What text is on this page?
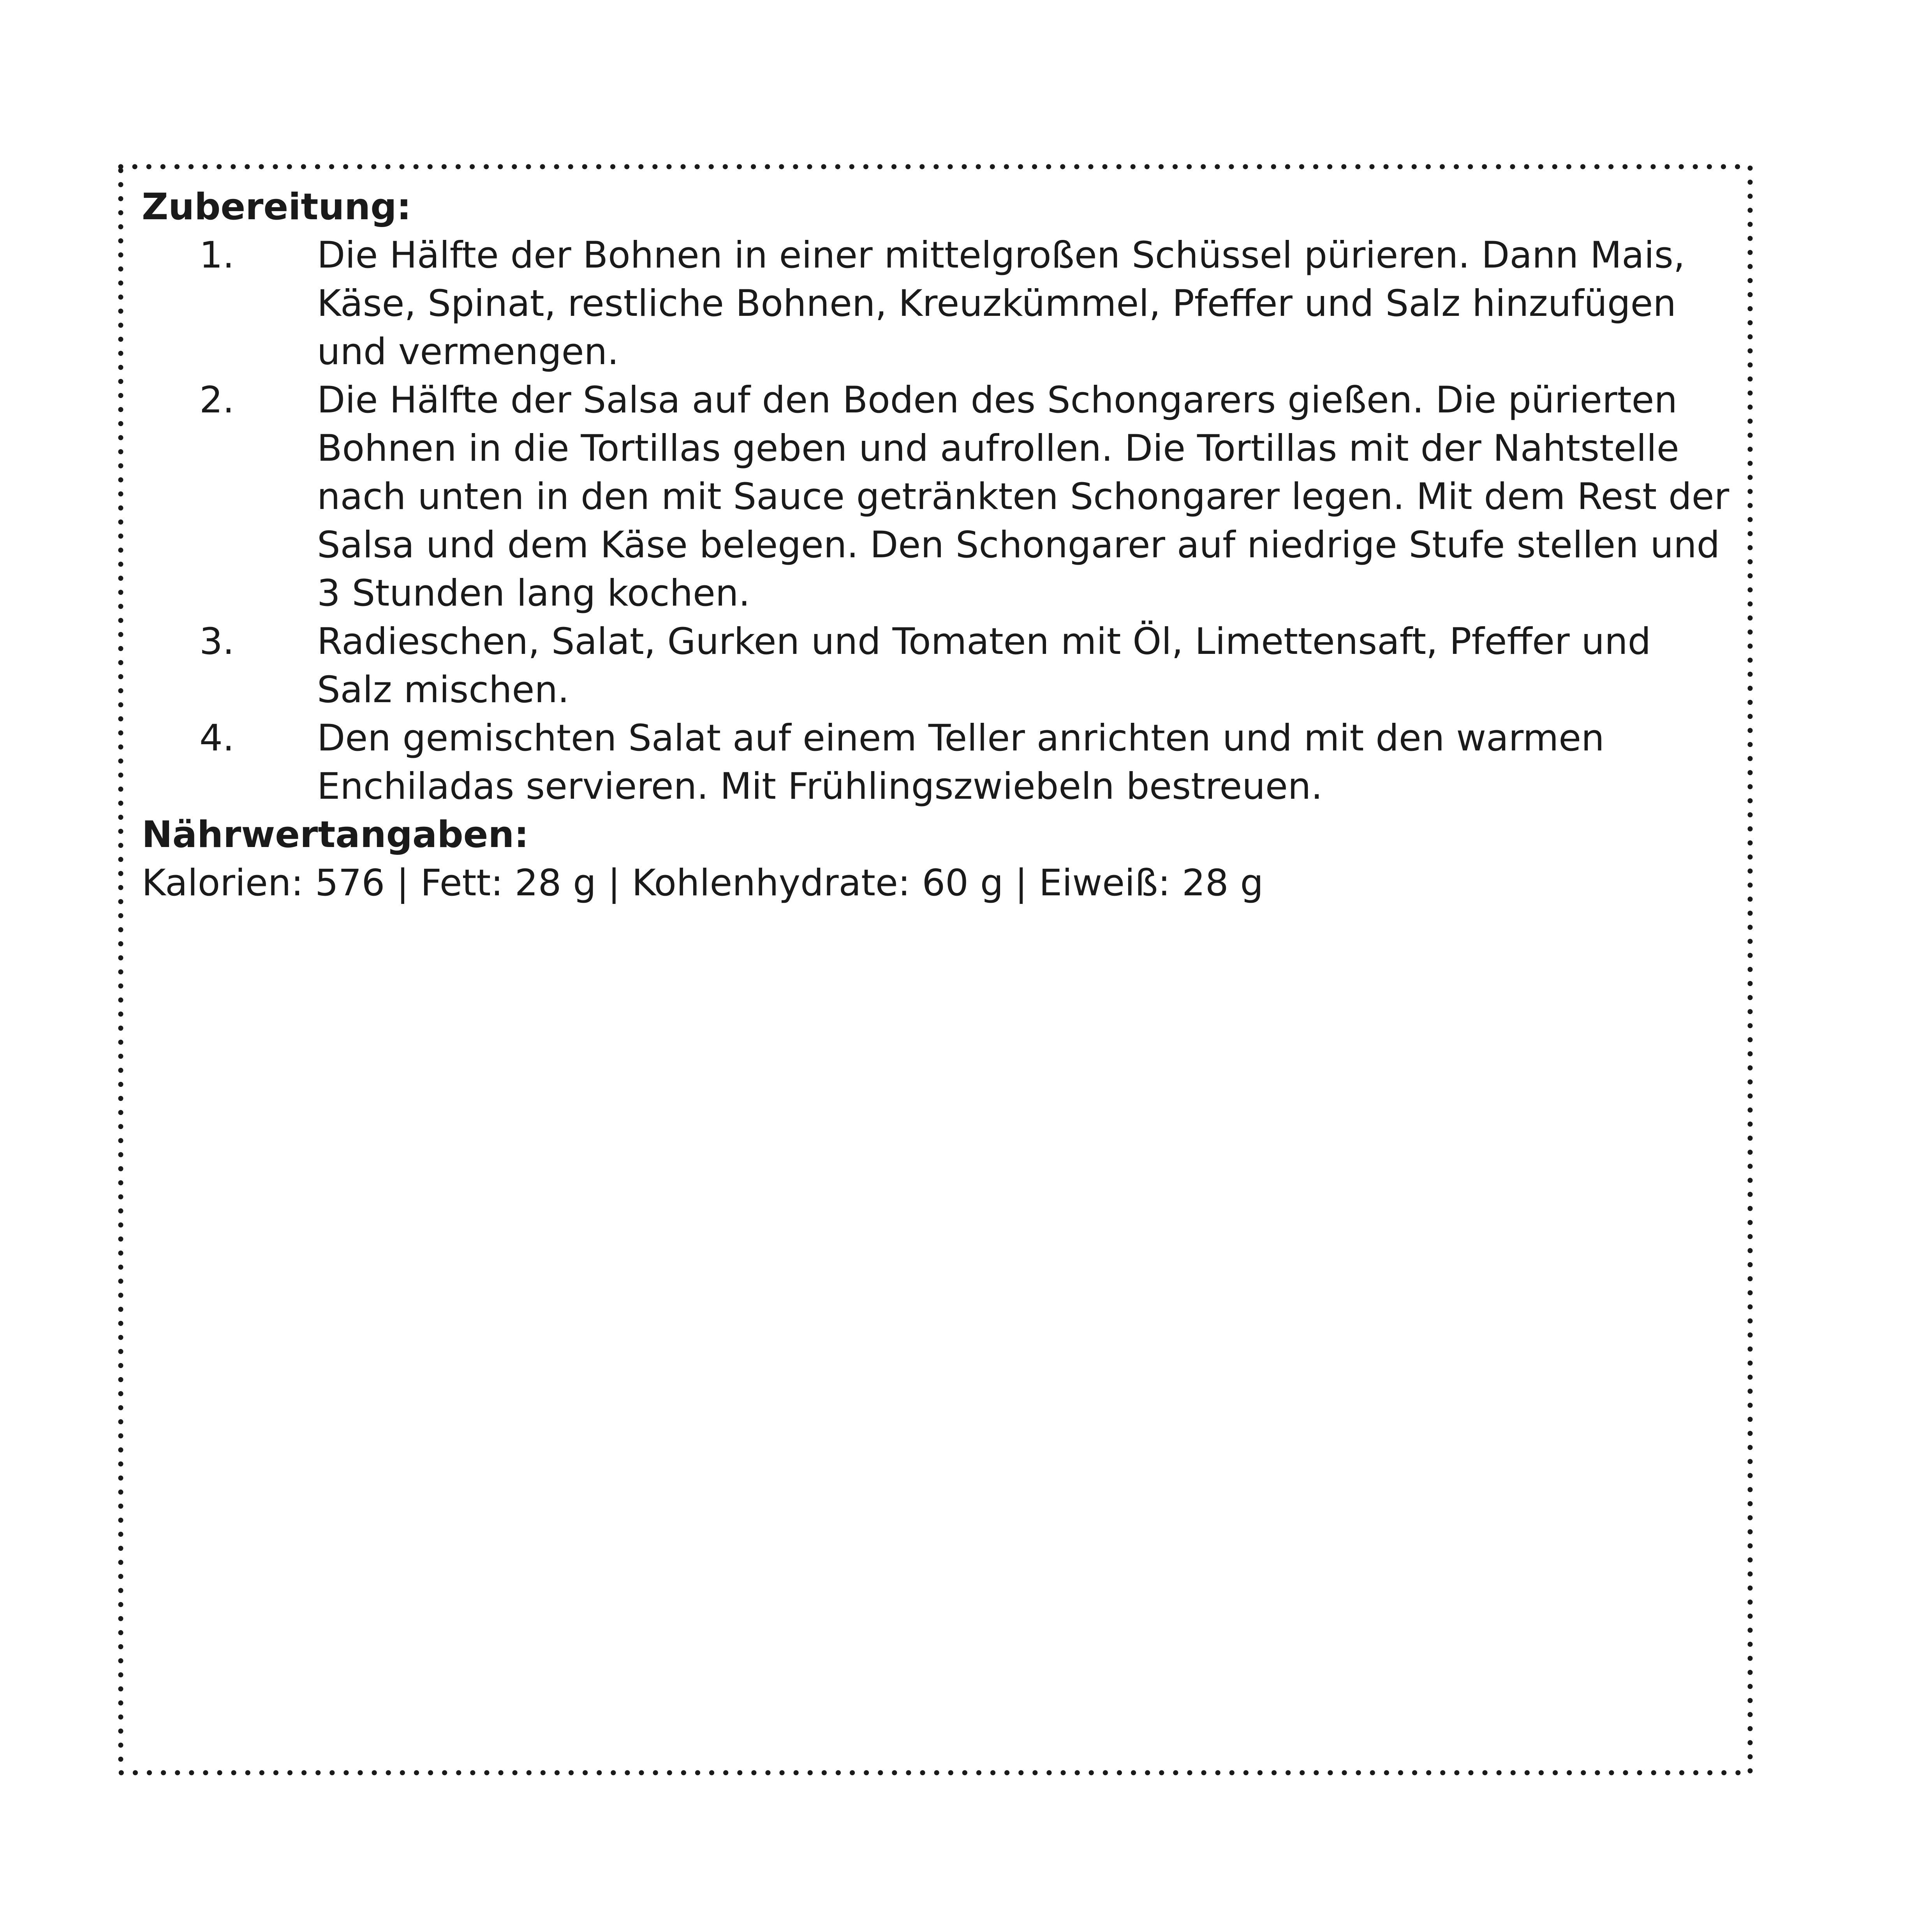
Zubereitung:

1. Die Hälfte der Bohnen in einer mittelgroßen Schüssel pürieren. Dann Mais, Käse, Spinat, restliche Bohnen, Kreuzkümmel, Pfeffer und Salz hinzufügen und vermengen.
2. Die Hälfte der Salsa auf den Boden des Schongarers gießen. Die pürierten Bohnen in die Tortillas geben und aufrollen. Die Tortillas mit der Nahtstelle nach unten in den mit Sauce getränkten Schongarer legen. Mit dem Rest der Salsa und dem Käse belegen. Den Schongarer auf niedrige Stufe stellen und 3 Stunden lang kochen.
3. Radieschen, Salat, Gurken und Tomaten mit Öl, Limettensaft, Pfeffer und Salz mischen.
4. Den gemischten Salat auf einem Teller anrichten und mit den warmen Enchiladas servieren. Mit Frühlingszwiebeln bestreuen.

Nährwertangaben:

Kalorien: 576 | Fett: 28 g | Kohlenhydrate: 60 g | Eiweiß: 28 g
